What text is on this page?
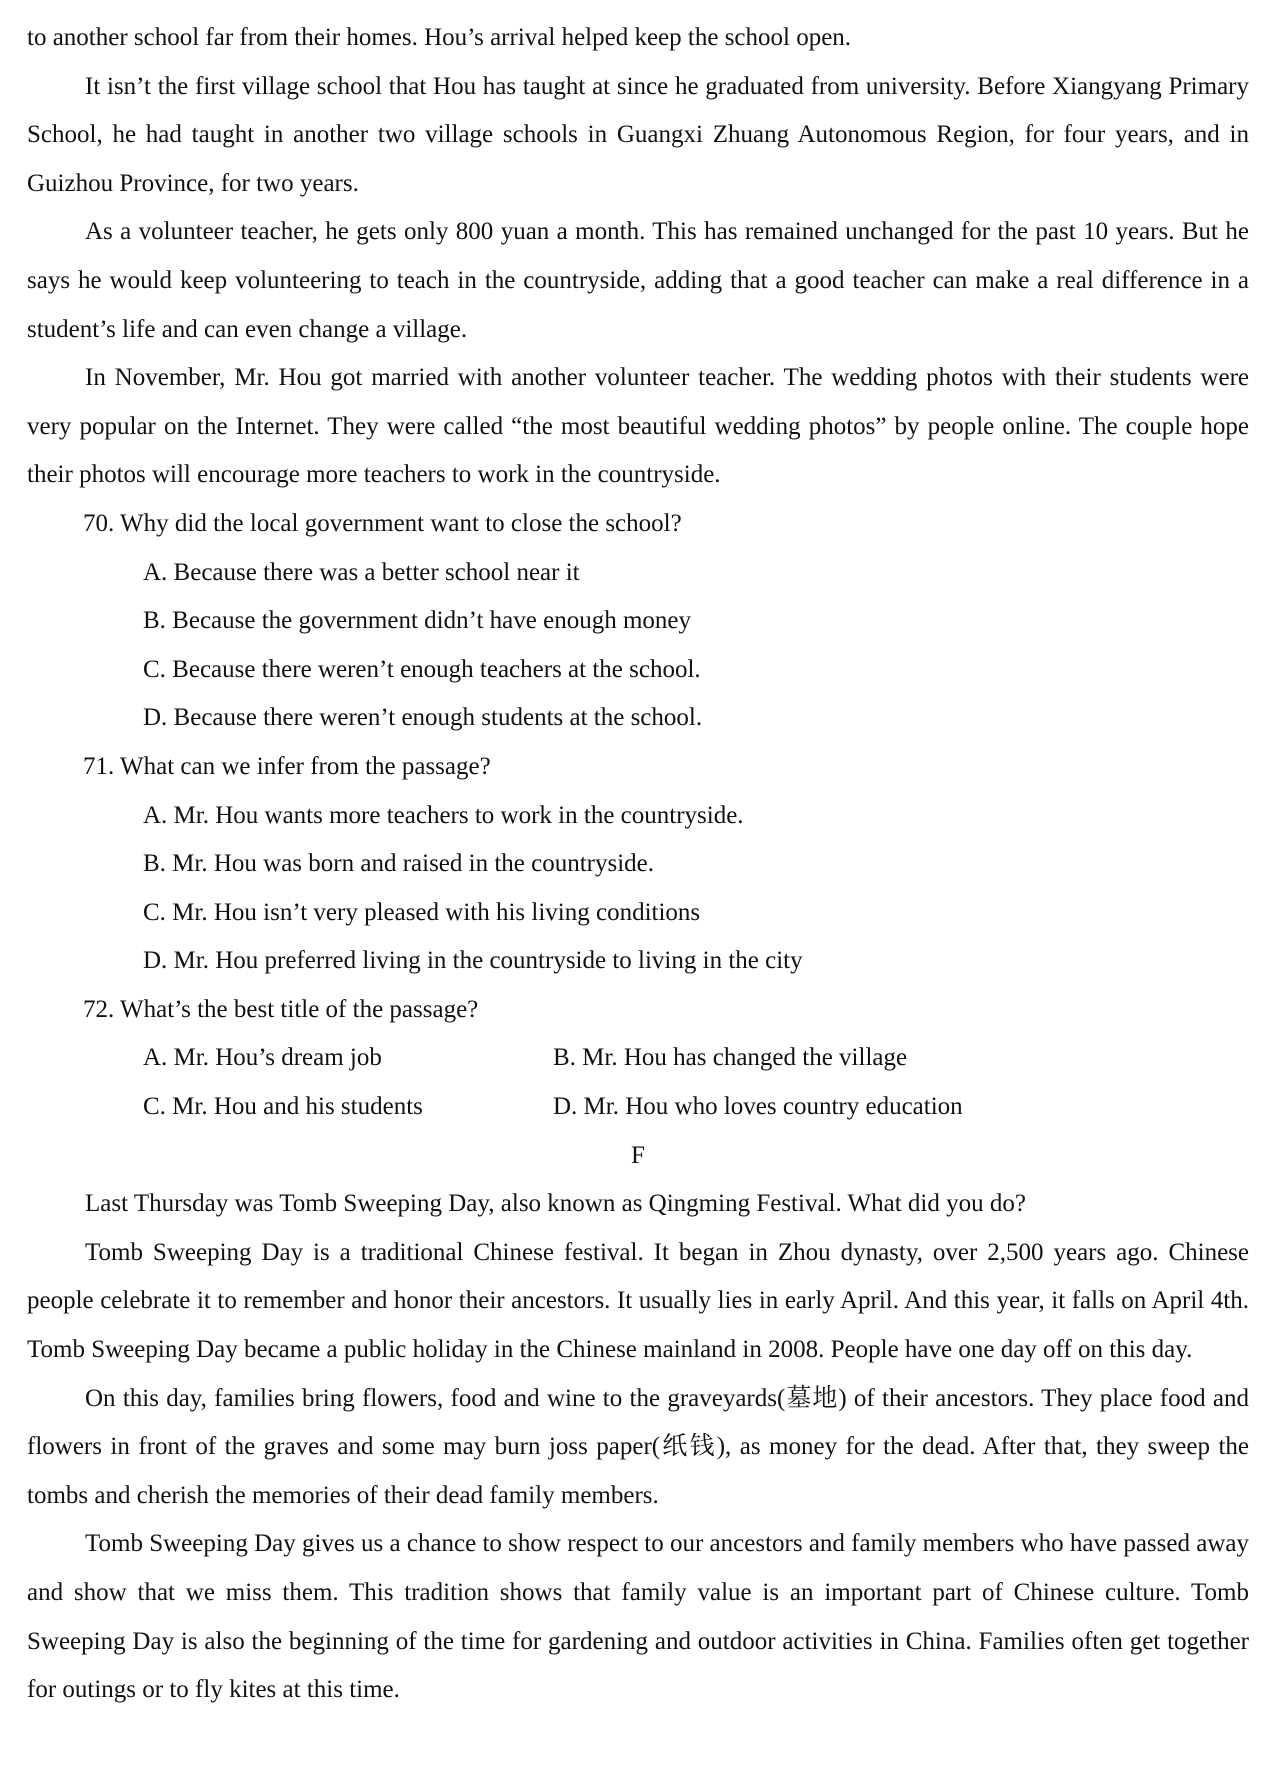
to another school far from their homes. Hou’s arrival helped keep the school open.

It isn’t the first village school that Hou has taught at since he graduated from university. Before Xiangyang Primary School, he had taught in another two village schools in Guangxi Zhuang Autonomous Region, for four years, and in Guizhou Province, for two years.

As a volunteer teacher, he gets only 800 yuan a month. This has remained unchanged for the past 10 years. But he says he would keep volunteering to teach in the countryside, adding that a good teacher can make a real difference in a student’s life and can even change a village.

In November, Mr. Hou got married with another volunteer teacher. The wedding photos with their students were very popular on the Internet. They were called “the most beautiful wedding photos” by people online. The couple hope their photos will encourage more teachers to work in the countryside.

70. Why did the local government want to close the school?

A. Because there was a better school near it

B. Because the government didn’t have enough money

C. Because there weren’t enough teachers at the school.

D. Because there weren’t enough students at the school.

71. What can we infer from the passage?

A. Mr. Hou wants more teachers to work in the countryside.

B. Mr. Hou was born and raised in the countryside.

C. Mr. Hou isn’t very pleased with his living conditions

D. Mr. Hou preferred living in the countryside to living in the city

72. What’s the best title of the passage?

A. Mr. Hou’s dream job	B. Mr. Hou has changed the village
C. Mr. Hou and his students	D. Mr. Hou who loves country education

F

Last Thursday was Tomb Sweeping Day, also known as Qingming Festival. What did you do?

Tomb Sweeping Day is a traditional Chinese festival. It began in Zhou dynasty, over 2,500 years ago. Chinese people celebrate it to remember and honor their ancestors. It usually lies in early April. And this year, it falls on April 4th. Tomb Sweeping Day became a public holiday in the Chinese mainland in 2008. People have one day off on this day.

On this day, families bring flowers, food and wine to the graveyards(墓地) of their ancestors. They place food and flowers in front of the graves and some may burn joss paper(纸钱), as money for the dead. After that, they sweep the tombs and cherish the memories of their dead family members.

Tomb Sweeping Day gives us a chance to show respect to our ancestors and family members who have passed away and show that we miss them. This tradition shows that family value is an important part of Chinese culture. Tomb Sweeping Day is also the beginning of the time for gardening and outdoor activities in China. Families often get together for outings or to fly kites at this time.
